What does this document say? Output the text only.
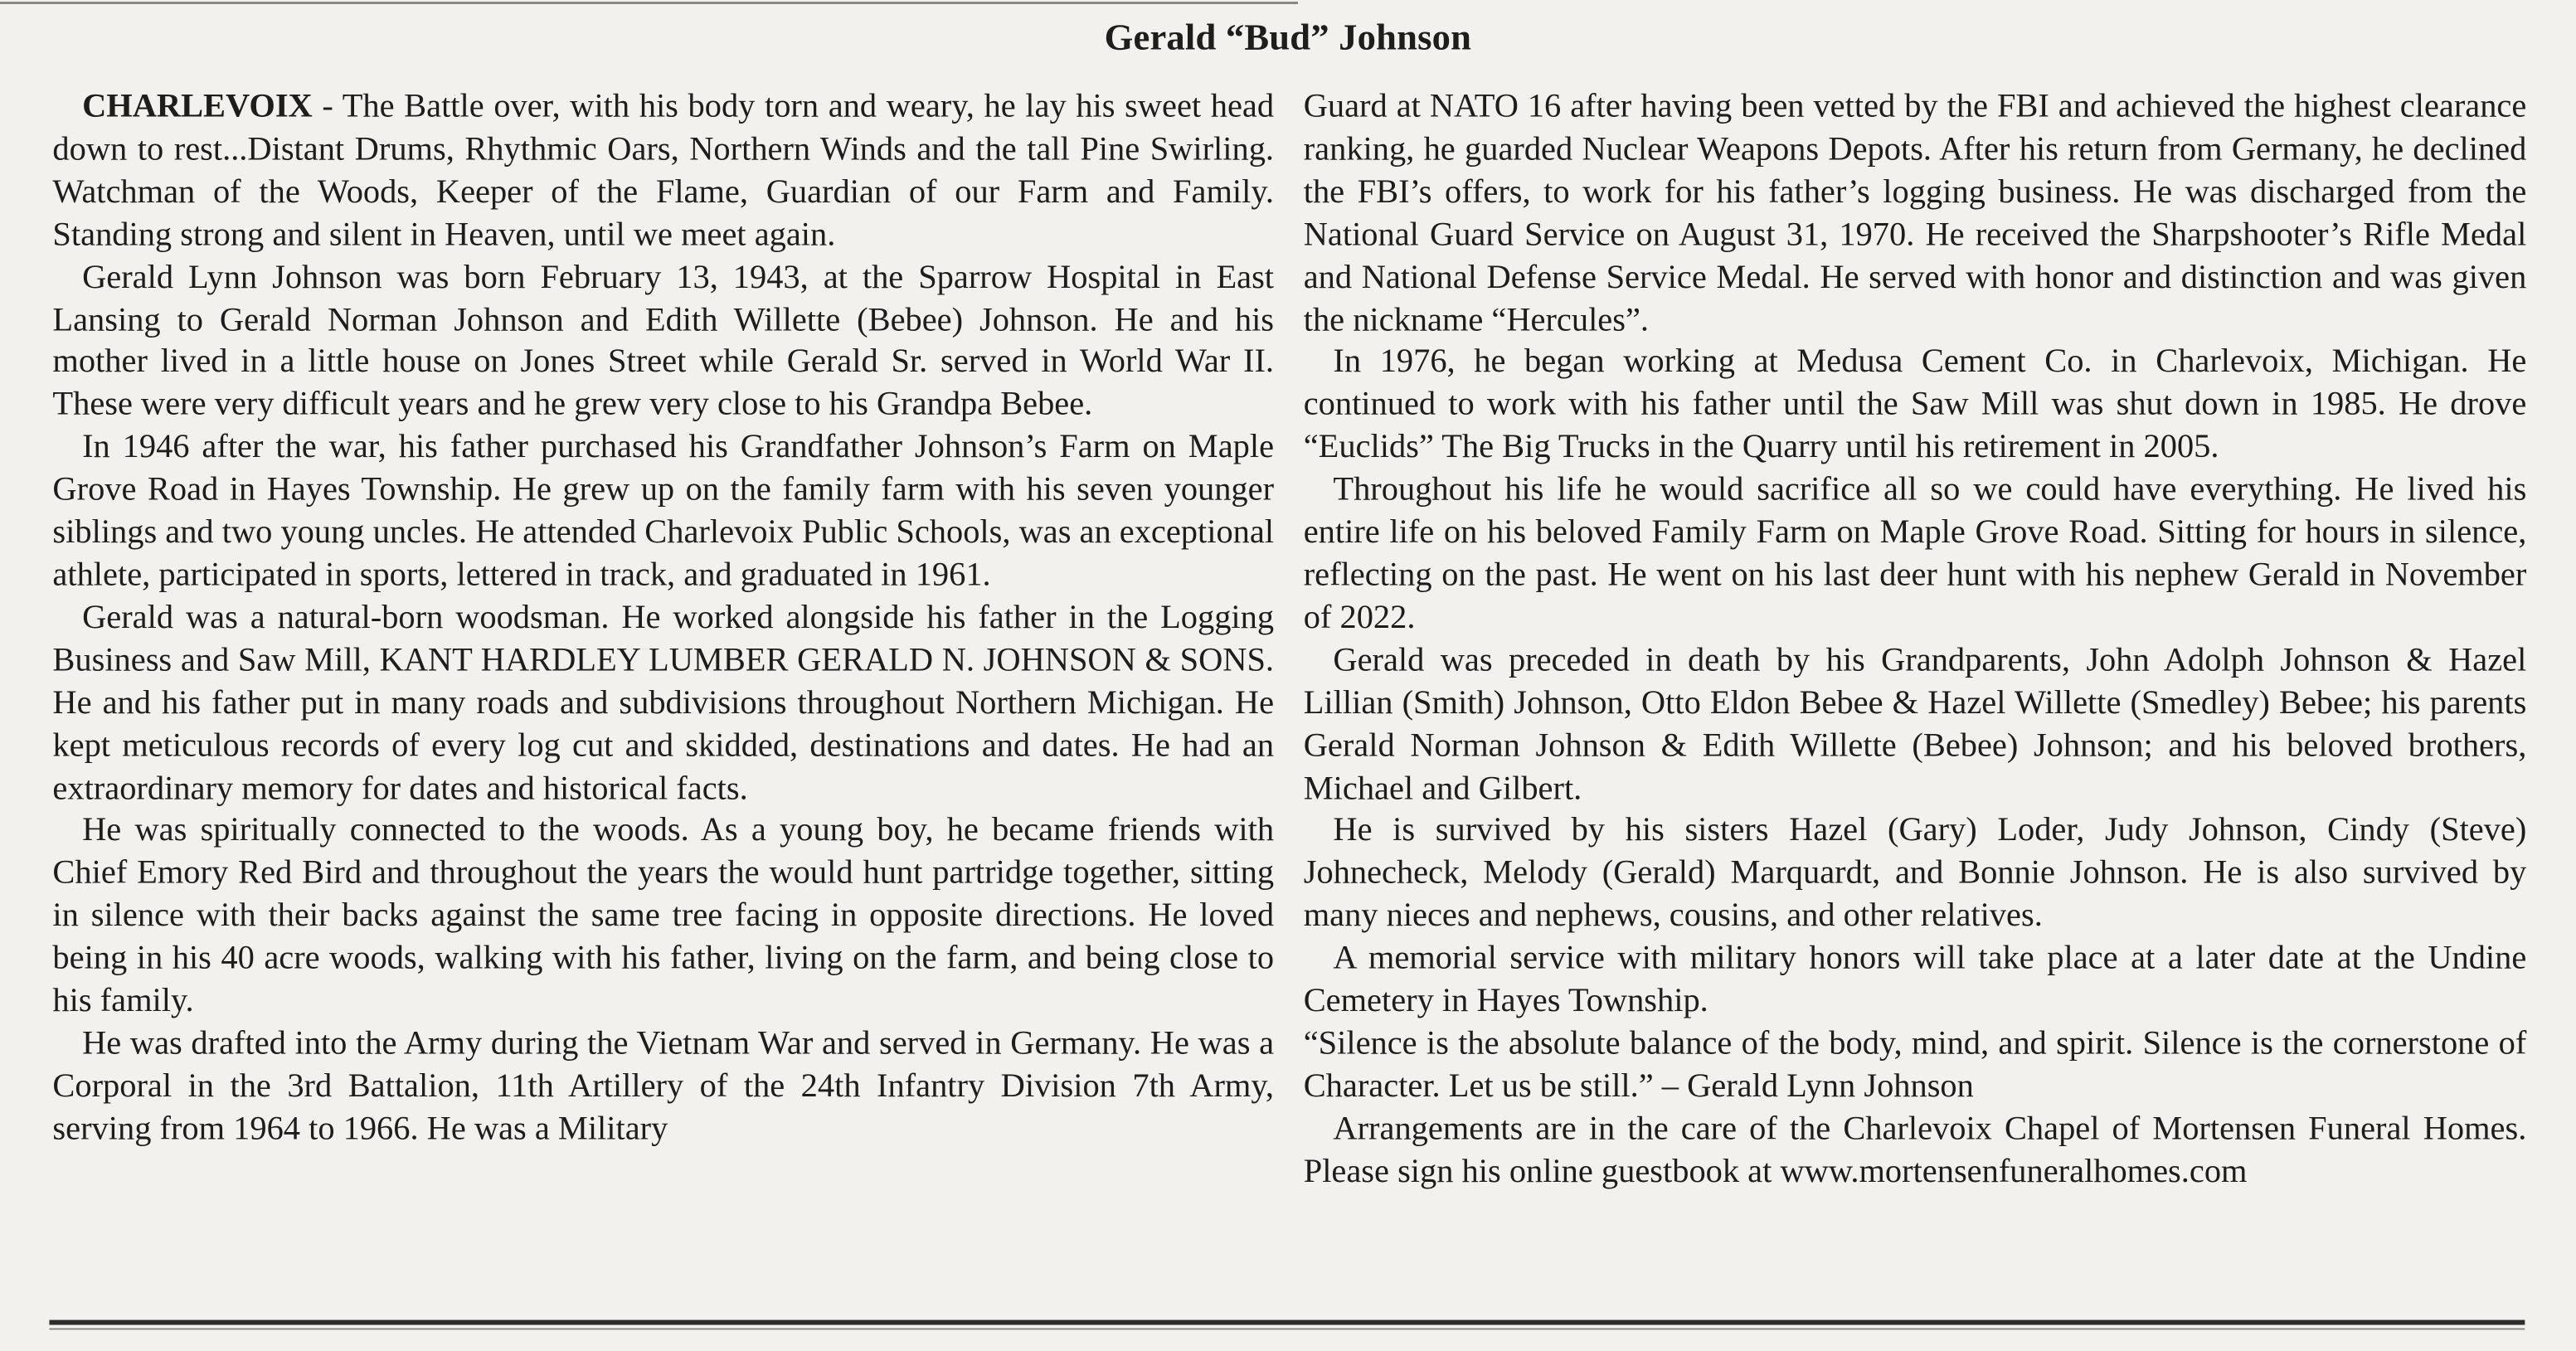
Gerald “Bud” Johnson

CHARLEVOIX - The Battle over, with his body torn and weary, he lay his sweet head down to rest...Distant Drums, Rhythmic Oars, Northern Winds and the tall Pine Swirling. Watchman of the Woods, Keeper of the Flame, Guardian of our Farm and Family. Standing strong and silent in Heaven, until we meet again.

Gerald Lynn Johnson was born February 13, 1943, at the Sparrow Hospital in East Lansing to Gerald Norman Johnson and Edith Willette (Bebee) Johnson. He and his mother lived in a little house on Jones Street while Gerald Sr. served in World War II. These were very difficult years and he grew very close to his Grandpa Bebee.

In 1946 after the war, his father purchased his Grandfather Johnson’s Farm on Maple Grove Road in Hayes Township. He grew up on the family farm with his seven younger siblings and two young uncles. He attended Charlevoix Public Schools, was an exceptional athlete, participated in sports, lettered in track, and graduated in 1961.

Gerald was a natural-born woodsman. He worked alongside his father in the Logging Business and Saw Mill, KANT HARDLEY LUMBER GERALD N. JOHNSON & SONS. He and his father put in many roads and subdivisions throughout Northern Michigan. He kept meticulous records of every log cut and skidded, destinations and dates. He had an extraordinary memory for dates and historical facts.

He was spiritually connected to the woods. As a young boy, he became friends with Chief Emory Red Bird and throughout the years the would hunt partridge together, sitting in silence with their backs against the same tree facing in opposite directions. He loved being in his 40 acre woods, walking with his father, living on the farm, and being close to his family.

He was drafted into the Army during the Vietnam War and served in Germany. He was a Corporal in the 3rd Battalion, 11th Artillery of the 24th Infantry Division 7th Army, serving from 1964 to 1966. He was a Military

Guard at NATO 16 after having been vetted by the FBI and achieved the highest clearance ranking, he guarded Nuclear Weapons Depots. After his return from Germany, he declined the FBI’s offers, to work for his father’s logging business. He was discharged from the National Guard Service on August 31, 1970. He received the Sharpshooter’s Rifle Medal and National Defense Service Medal. He served with honor and distinction and was given the nickname “Hercules”.

In 1976, he began working at Medusa Cement Co. in Charlevoix, Michigan. He continued to work with his father until the Saw Mill was shut down in 1985. He drove “Euclids” The Big Trucks in the Quarry until his retirement in 2005.

Throughout his life he would sacrifice all so we could have everything. He lived his entire life on his beloved Family Farm on Maple Grove Road. Sitting for hours in silence, reflecting on the past. He went on his last deer hunt with his nephew Gerald in November of 2022.

Gerald was preceded in death by his Grandparents, John Adolph Johnson & Hazel Lillian (Smith) Johnson, Otto Eldon Bebee & Hazel Willette (Smedley) Bebee; his parents Gerald Norman Johnson & Edith Willette (Bebee) Johnson; and his beloved brothers, Michael and Gilbert.

He is survived by his sisters Hazel (Gary) Loder, Judy Johnson, Cindy (Steve) Johnecheck, Melody (Gerald) Marquardt, and Bonnie Johnson. He is also survived by many nieces and nephews, cousins, and other relatives.

A memorial service with military honors will take place at a later date at the Undine Cemetery in Hayes Township.

“Silence is the absolute balance of the body, mind, and spirit. Silence is the cornerstone of Character. Let us be still.” – Gerald Lynn Johnson

Arrangements are in the care of the Charlevoix Chapel of Mortensen Funeral Homes. Please sign his online guestbook at www.mortensenfuneralhomes.com
